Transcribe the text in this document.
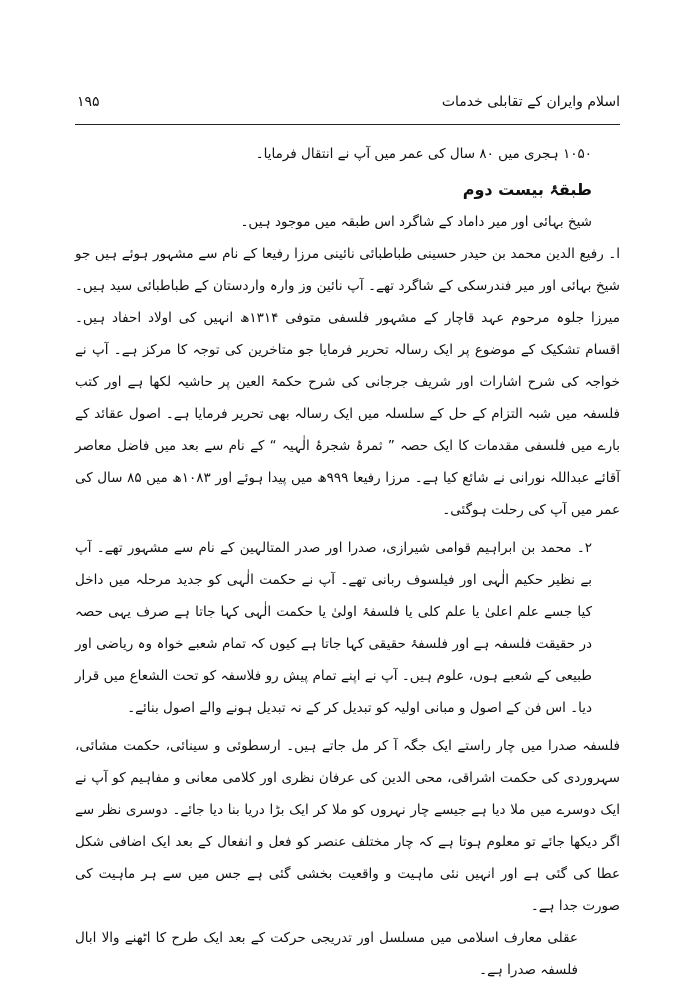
اسلام وایران کے تقابلی خدمات
۱۹۵

۱۰۵۰ ہجری میں ۸۰ سال کی عمر میں آپ نے انتقال فرمایا۔

طبقۂ بیست دوم

شیخ بہائی اور میر داماد کے شاگرد اس طبقہ میں موجود ہیں۔

ا۔ رفیع الدین محمد بن حیدر حسینی طباطبائی نائینی مرزا رفیعا کے نام سے مشہور ہوئے ہیں جو شیخ بہائی اور میر فندرسکی کے شاگرد تھے۔ آپ نائین وز وارہ واردستان کے طباطبائی سید ہیں۔ میرزا جلوہ مرحوم عہد قاچار کے مشہور فلسفی متوفی ۱۳۱۴ھ انہیں کی اولاد احفاد ہیں۔ اقسام تشکیک کے موضوع پر ایک رسالہ تحریر فرمایا جو متاخرین کی توجہ کا مرکز ہے۔ آپ نے خواجہ کی شرح اشارات اور شریف جرجانی کی شرح حکمۃ العین پر حاشیہ لکھا ہے اور کتب فلسفہ میں شبہ التزام کے حل کے سلسلہ میں ایک رسالہ بھی تحریر فرمایا ہے۔ اصول عقائد کے بارے میں فلسفی مقدمات کا ایک حصہ ” ثمرۂ شجرۂ الٰہیہ “ کے نام سے بعد میں فاضل معاصر آقائے عبداللہ نورانی نے شائع کیا ہے۔ مرزا رفیعا ۹۹۹ھ میں پیدا ہوئے اور ۱۰۸۳ھ میں ۸۵ سال کی عمر میں آپ کی رحلت ہوگئی۔

۲۔ محمد بن ابراہیم قوامی شیرازی، صدرا اور صدر المتالہین کے نام سے مشہور تھے۔ آپ بے نظیر حکیم الٰہی اور فیلسوف ربانی تھے۔ آپ نے حکمت الٰہی کو جدید مرحلہ میں داخل کیا جسے علم اعلیٰ یا علم کلی یا فلسفۂ اولیٰ یا حکمت الٰہی کہا جاتا ہے صرف یہی حصہ در حقیقت فلسفہ ہے اور فلسفۂ حقیقی کہا جاتا ہے کیوں کہ تمام شعبے خواہ وہ ریاضی اور طبیعی کے شعبے ہوں، علوم ہیں۔ آپ نے اپنے تمام پیش رو فلاسفہ کو تحت الشعاع میں قرار دیا۔ اس فن کے اصول و مبانی اولیہ کو تبدیل کر کے نہ تبدیل ہونے والے اصول بنائے۔

فلسفہ صدرا میں چار راستے ایک جگہ آ کر مل جاتے ہیں۔ ارسطوئی و سینائی، حکمت مشائی، سہروردی کی حکمت اشراقی، محی الدین کی عرفان نظری اور کلامی معانی و مفاہیم کو آپ نے ایک دوسرے میں ملا دیا ہے جیسے چار نہروں کو ملا کر ایک بڑا دریا بنا دیا جائے۔ دوسری نظر سے اگر دیکھا جائے تو معلوم ہوتا ہے کہ چار مختلف عنصر کو فعل و انفعال کے بعد ایک اضافی شکل عطا کی گئی ہے اور انہیں نئی ماہیت و واقعیت بخشی گئی ہے جس میں سے ہر ماہیت کی صورت جدا ہے۔

عقلی معارف اسلامی میں مسلسل اور تدریجی حرکت کے بعد ایک طرح کا اٹھنے والا ابال فلسفہ صدرا ہے۔
